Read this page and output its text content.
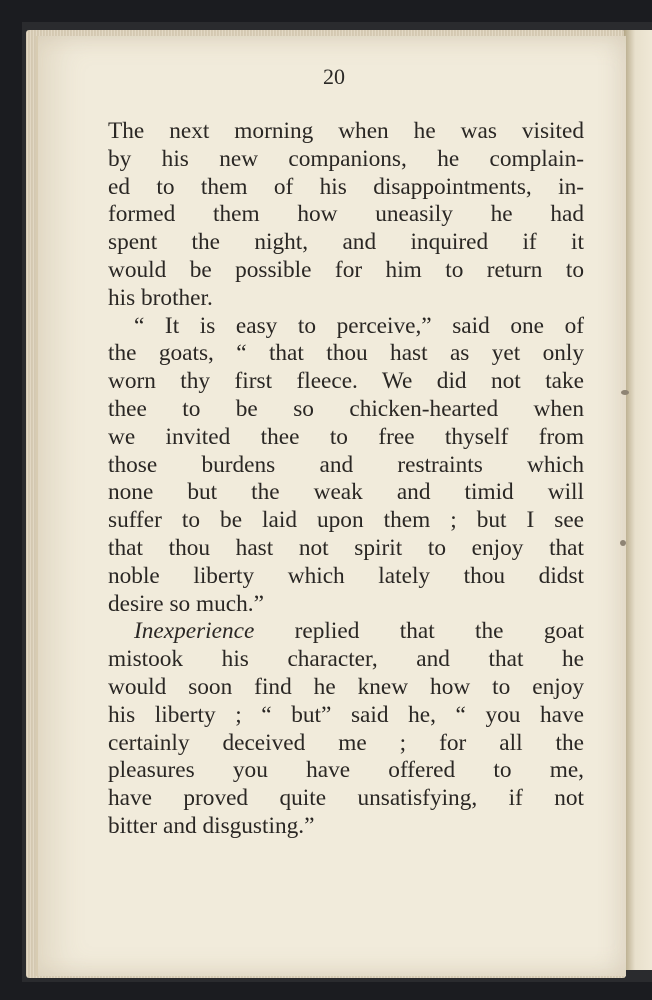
20
The next morning when he was visited
by his new companions, he complain-
ed to them of his disappointments, in-
formed them how uneasily he had
spent the night, and inquired if it
would be possible for him to return to
his brother.
“ It is easy to perceive,” said one of
the goats, “ that thou hast as yet only
worn thy first fleece. We did not take
thee to be so chicken-hearted when
we invited thee to free thyself from
those burdens and restraints which
none but the weak and timid will
suffer to be laid upon them ; but I see
that thou hast not spirit to enjoy that
noble liberty which lately thou didst
desire so much.”
Inexperience replied that the goat
mistook his character, and that he
would soon find he knew how to enjoy
his liberty ; “ but” said he, “ you have
certainly deceived me ; for all the
pleasures you have offered to me,
have proved quite unsatisfying, if not
bitter and disgusting.”
